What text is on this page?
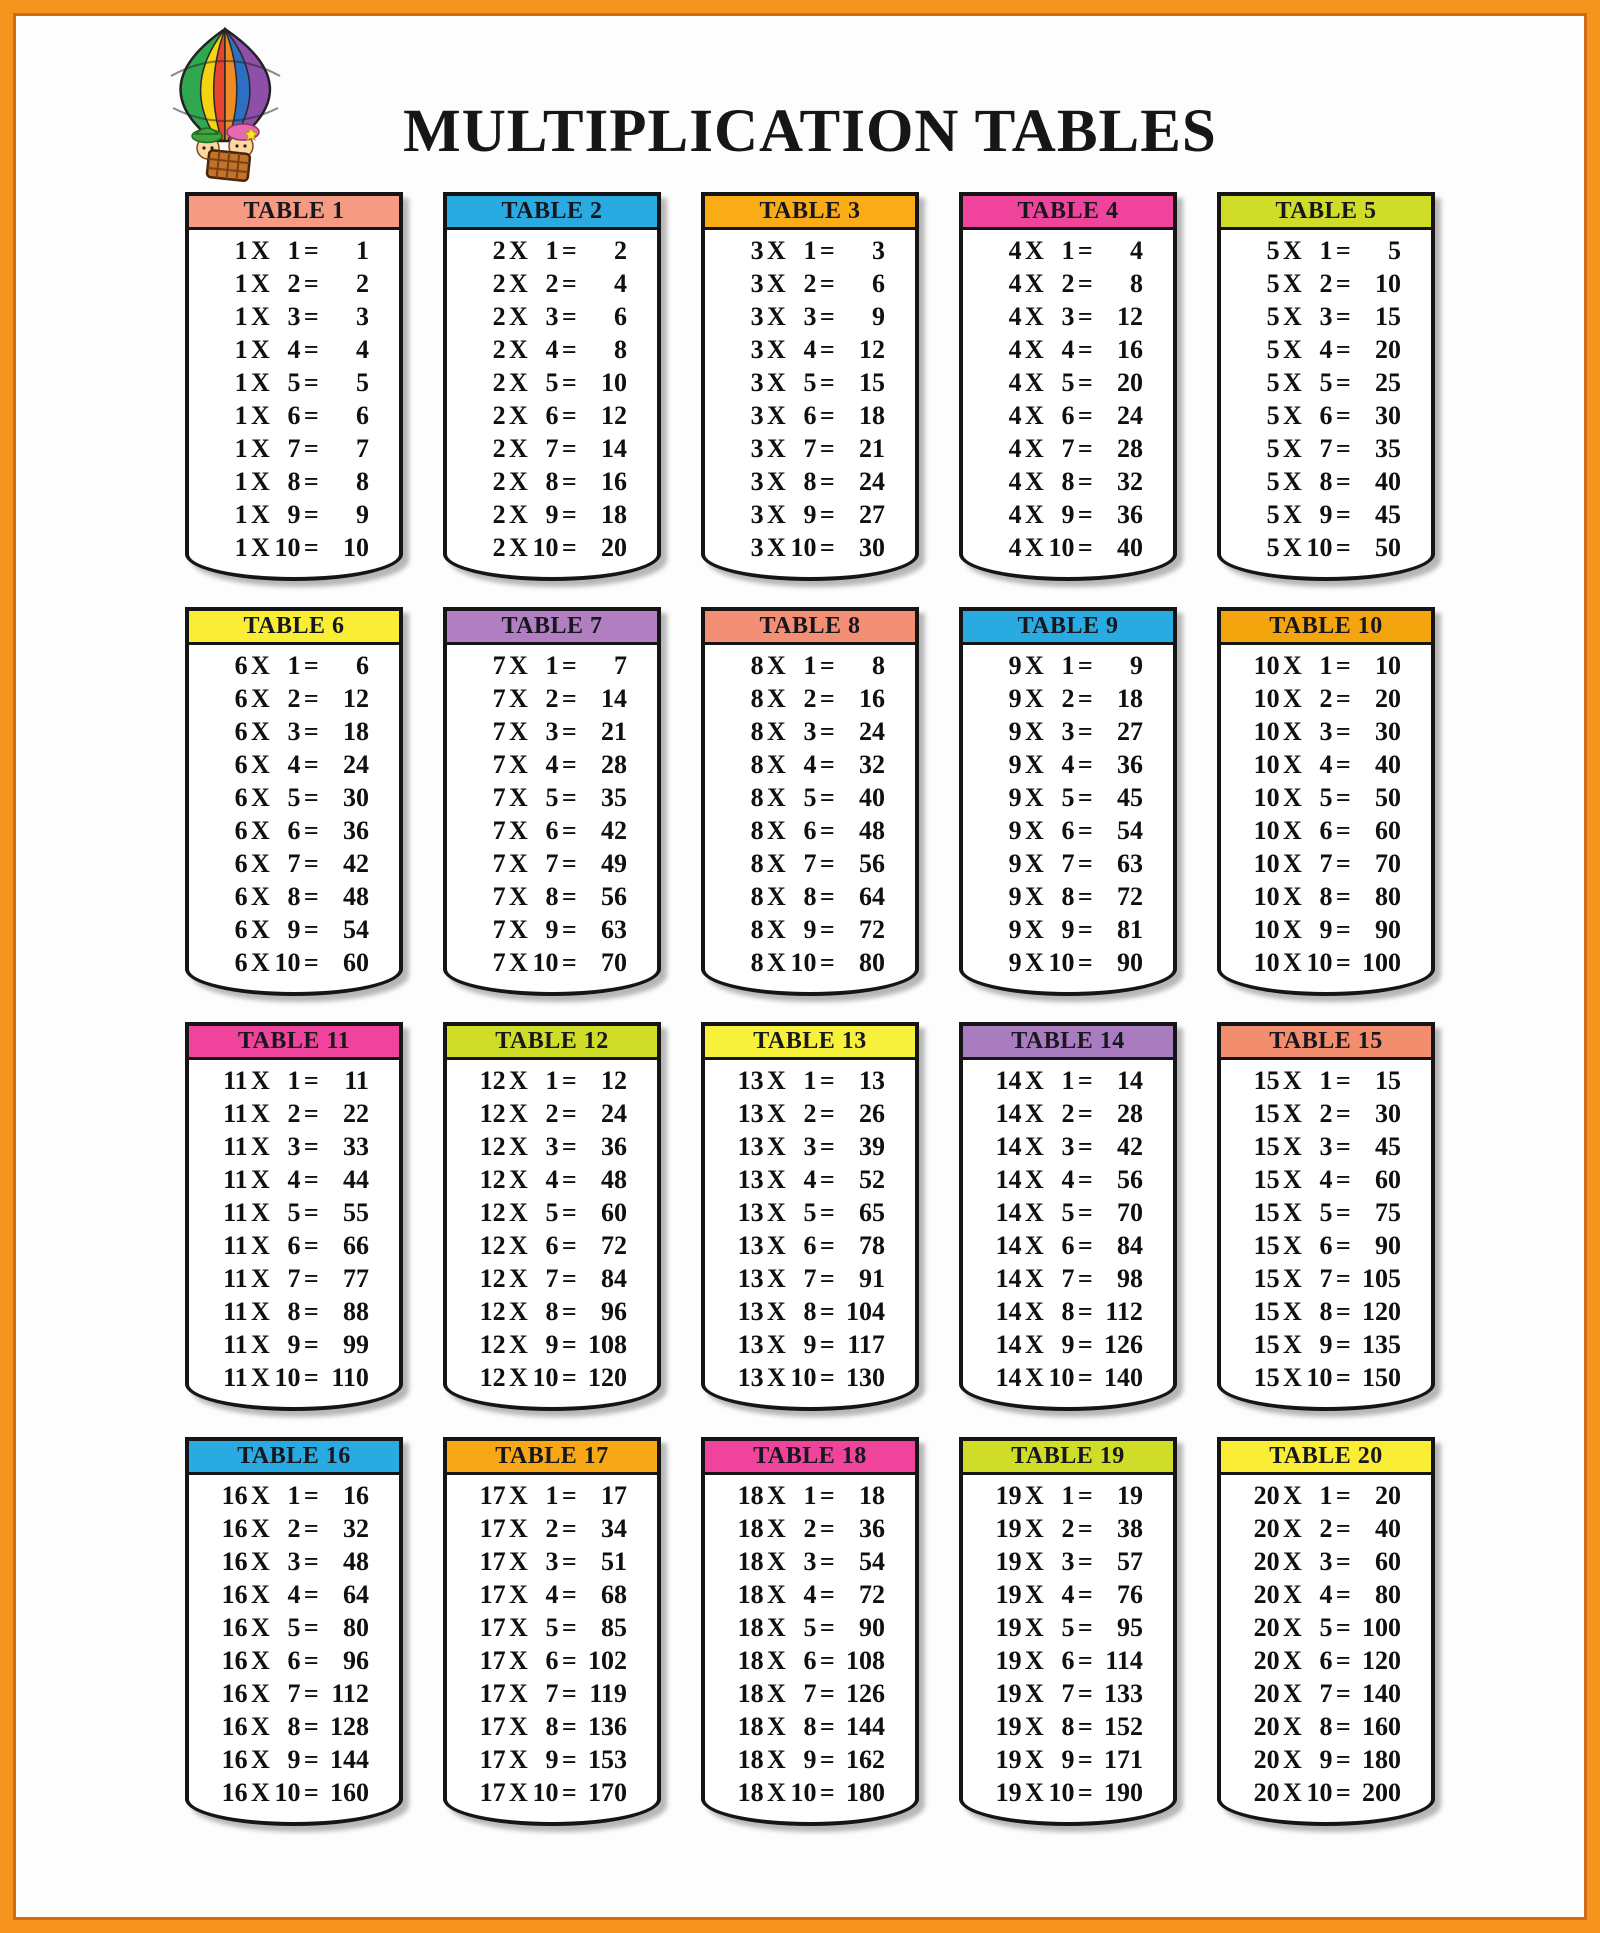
MULTIPLICATION TABLES
TABLE 1
1 X 1 =	1
1 X 2 =	2
1 X 3 =	3
1 X 4 =	4
1 X 5 =	5
1 X 6 =	6
1 X 7 =	7
1 X 8 =	8
1 X 9 =	9
1 X 10 = 10
TABLE 2
2 X 1 =	2
2 X 2 =	4
2 X 3 =	6
2 X 4 =	8
2 X 5 = 10
2 X 6 = 12
2 X 7 = 14
2 X 8 = 16
2 X 9 = 18
2 X 10 = 20
TABLE 3
3 X 1 =	3
3 X 2 =	6
3 X 3 =	9
3 X 4 = 12
3 X 5 = 15
3 X 6 = 18
3 X 7 = 21
3 X 8 = 24
3 X 9 = 27
3 X 10 = 30
TABLE 4
4 X 1 =	4
4 X 2 =	8
4 X 3 = 12
4 X 4 = 16
4 X 5 = 20
4 X 6 = 24
4 X 7 = 28
4 X 8 = 32
4 X 9 = 36
4 X 10 = 40
TABLE 5
5 X 1 =	5
5 X 2 = 10
5 X 3 = 15
5 X 4 = 20
5 X 5 = 25
5 X 6 = 30
5 X 7 = 35
5 X 8 = 40
5 X 9 = 45
5 X 10 = 50
TABLE 6
6 X 1 =	6
6 X 2 = 12
6 X 3 = 18
6 X 4 = 24
6 X 5 = 30
6 X 6 = 36
6 X 7 = 42
6 X 8 = 48
6 X 9 = 54
6 X 10 = 60
TABLE 7
7 X 1 =	7
7 X 2 = 14
7 X 3 = 21
7 X 4 = 28
7 X 5 = 35
7 X 6 = 42
7 X 7 = 49
7 X 8 = 56
7 X 9 = 63
7 X 10 = 70
TABLE 8
8 X 1 =	8
8 X 2 = 16
8 X 3 = 24
8 X 4 = 32
8 X 5 = 40
8 X 6 = 48
8 X 7 = 56
8 X 8 = 64
8 X 9 = 72
8 X 10 = 80
TABLE 9
9 X 1 =	9
9 X 2 = 18
9 X 3 = 27
9 X 4 = 36
9 X 5 = 45
9 X 6 = 54
9 X 7 = 63
9 X 8 = 72
9 X 9 = 81
9 X 10 = 90
TABLE 10
10 X 1 = 10
10 X 2 = 20
10 X 3 = 30
10 X 4 = 40
10 X 5 = 50
10 X 6 = 60
10 X 7 = 70
10 X 8 = 80
10 X 9 = 90
10 X 10 = 100
TABLE 11
11 X 1 = 11
11 X 2 = 22
11 X 3 = 33
11 X 4 = 44
11 X 5 = 55
11 X 6 = 66
11 X 7 = 77
11 X 8 = 88
11 X 9 = 99
11 X 10 = 110
TABLE 12
12 X 1 = 12
12 X 2 = 24
12 X 3 = 36
12 X 4 = 48
12 X 5 = 60
12 X 6 = 72
12 X 7 = 84
12 X 8 = 96
12 X 9 = 108
12 X 10 = 120
TABLE 13
13 X 1 = 13
13 X 2 = 26
13 X 3 = 39
13 X 4 = 52
13 X 5 = 65
13 X 6 = 78
13 X 7 = 91
13 X 8 = 104
13 X 9 = 117
13 X 10 = 130
TABLE 14
14 X 1 = 14
14 X 2 = 28
14 X 3 = 42
14 X 4 = 56
14 X 5 = 70
14 X 6 = 84
14 X 7 = 98
14 X 8 = 112
14 X 9 = 126
14 X 10 = 140
TABLE 15
15 X 1 = 15
15 X 2 = 30
15 X 3 = 45
15 X 4 = 60
15 X 5 = 75
15 X 6 = 90
15 X 7 = 105
15 X 8 = 120
15 X 9 = 135
15 X 10 = 150
TABLE 16
16 X 1 = 16
16 X 2 = 32
16 X 3 = 48
16 X 4 = 64
16 X 5 = 80
16 X 6 = 96
16 X 7 = 112
16 X 8 = 128
16 X 9 = 144
16 X 10 = 160
TABLE 17
17 X 1 = 17
17 X 2 = 34
17 X 3 = 51
17 X 4 = 68
17 X 5 = 85
17 X 6 = 102
17 X 7 = 119
17 X 8 = 136
17 X 9 = 153
17 X 10 = 170
TABLE 18
18 X 1 = 18
18 X 2 = 36
18 X 3 = 54
18 X 4 = 72
18 X 5 = 90
18 X 6 = 108
18 X 7 = 126
18 X 8 = 144
18 X 9 = 162
18 X 10 = 180
TABLE 19
19 X 1 = 19
19 X 2 = 38
19 X 3 = 57
19 X 4 = 76
19 X 5 = 95
19 X 6 = 114
19 X 7 = 133
19 X 8 = 152
19 X 9 = 171
19 X 10 = 190
TABLE 20
20 X 1 = 20
20 X 2 = 40
20 X 3 = 60
20 X 4 = 80
20 X 5 = 100
20 X 6 = 120
20 X 7 = 140
20 X 8 = 160
20 X 9 = 180
20 X 10 = 200
